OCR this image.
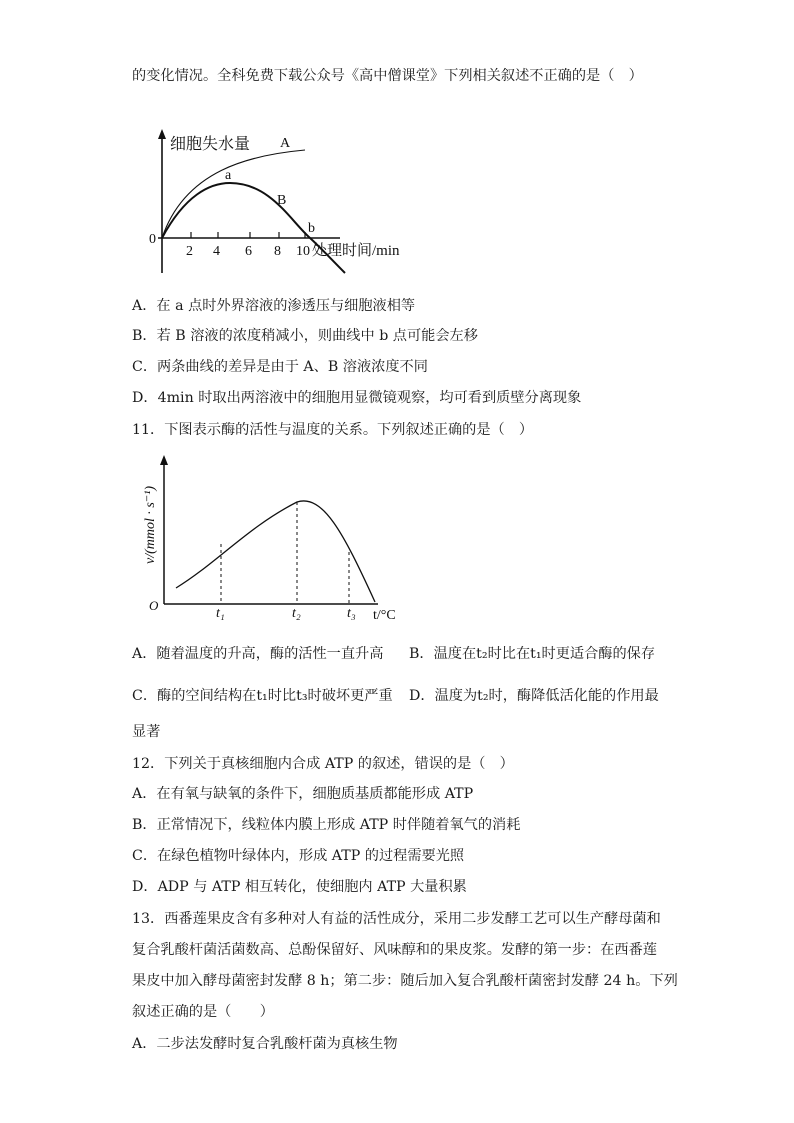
的变化情况。全科免费下载公众号《高中僧课堂》下列相关叙述不正确的是（　）
细胞失水量 A
a
B
b
0
2 4 6 8 10 处理时间/min
A．在 a 点时外界溶液的渗透压与细胞液相等
B．若 B 溶液的浓度稍减小，则曲线中 b 点可能会左移
C．两条曲线的差异是由于 A、B 溶液浓度不同
D．4min 时取出两溶液中的细胞用显微镜观察，均可看到质壁分离现象
11．下图表示酶的活性与温度的关系。下列叙述正确的是（　）
v/(mmol · s⁻¹)
O
t₁	t₂	t₃ t/°C
A．随着温度的升高，酶的活性一直升高 B．温度在t₂时比在t₁时更适合酶的保存
C．酶的空间结构在t₁时比t₃时破坏更严重 D．温度为t₂时，酶降低活化能的作用最
显著
12．下列关于真核细胞内合成 ATP 的叙述，错误的是（　）
A．在有氧与缺氧的条件下，细胞质基质都能形成 ATP
B．正常情况下，线粒体内膜上形成 ATP 时伴随着氧气的消耗
C．在绿色植物叶绿体内，形成 ATP 的过程需要光照
D．ADP 与 ATP 相互转化，使细胞内 ATP 大量积累
13．西番莲果皮含有多种对人有益的活性成分，采用二步发酵工艺可以生产酵母菌和
复合乳酸杆菌活菌数高、总酚保留好、风味醇和的果皮浆。发酵的第一步：在西番莲
果皮中加入酵母菌密封发酵 8 h；第二步：随后加入复合乳酸杆菌密封发酵 24 h。下列
叙述正确的是（　　）
A．二步法发酵时复合乳酸杆菌为真核生物
